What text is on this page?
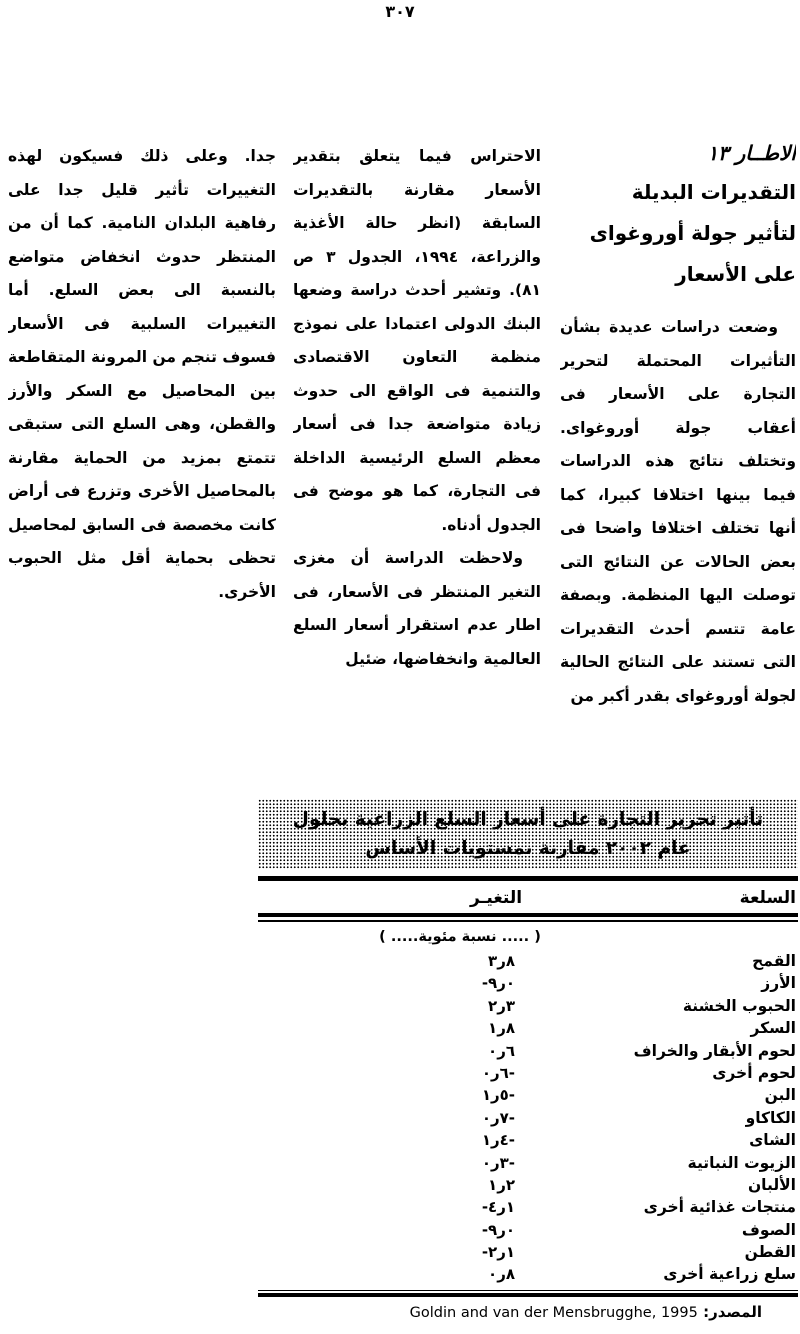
٣٠٧
الاطــار ١٣
التقديرات البديلة
لتأثير جولة أوروغواى
على الأسعار

وضعت دراسات عديدة بشأن التأثيرات المحتملة لتحرير التجارة على الأسعار فى أعقاب جولة أوروغواى. وتختلف نتائج هذه الدراسات فيما بينها اختلافا كبيرا، كما أنها تختلف اختلافا واضحا فى بعض الحالات عن النتائج التى توصلت اليها المنظمة. وبصفة عامة تتسم أحدث التقديرات التى تستند على النتائج الحالية لجولة أوروغواى بقدر أكبر من

الاحتراس فيما يتعلق بتقدير الأسعار مقارنة بالتقديرات السابقة (انظر حالة الأغذية والزراعة، ١٩٩٤، الجدول ٣ ص ٨١). وتشير أحدث دراسة وضعها البنك الدولى اعتمادا على نموذج منظمة التعاون الاقتصادى والتنمية فى الواقع الى حدوث زيادة متواضعة جدا فى أسعار معظم السلع الرئيسية الداخلة فى التجارة، كما هو موضح فى الجدول أدناه.

ولاحظت الدراسة أن مغزى التغير المنتظر فى الأسعار، فى اطار عدم استقرار أسعار السلع العالمية وانخفاضها، ضئيل

جدا. وعلى ذلك فسيكون لهذه التغييرات تأثير قليل جدا على رفاهية البلدان النامية. كما أن من المنتظر حدوث انخفاض متواضع بالنسبة الى بعض السلع. أما التغييرات السلبية فى الأسعار فسوف تنجم من المرونة المتقاطعة بين المحاصيل مع السكر والأرز والقطن، وهى السلع التى ستبقى تتمتع بمزيد من الحماية مقارنة بالمحاصيل الأخرى وتزرع فى أراض كانت مخصصة فى السابق لمحاصيل تحظى بحماية أقل مثل الحبوب الأخرى.

تأثير تحرير التجارة على أسعار السلع الزراعية بحلول عام ٢٠٠٢ مقارنة بمستويات الأساس
السلعة
التغيـر
( ..... نسبة مئوية..... )
القمح
٣ر٨
الأرز
-٩ر٠
الحبوب الخشنة
٢ر٣
السكر
١ر٨
لحوم الأبقار والخراف
٠ر٦
لحوم أخرى
٠ر٦-
البن
١ر٥-
الكاكاو
٠ر٧-
الشاى
١ر٤-
الزيوت النباتية
٠ر٣-
الألبان
١ر٢
منتجات غذائية أخرى
-٤ر١
الصوف
-٩ر٠
القطن
-٢ر١
سلع زراعية أخرى
٠ر٨
المصدر: Goldin and van der Mensbrugghe, 1995
